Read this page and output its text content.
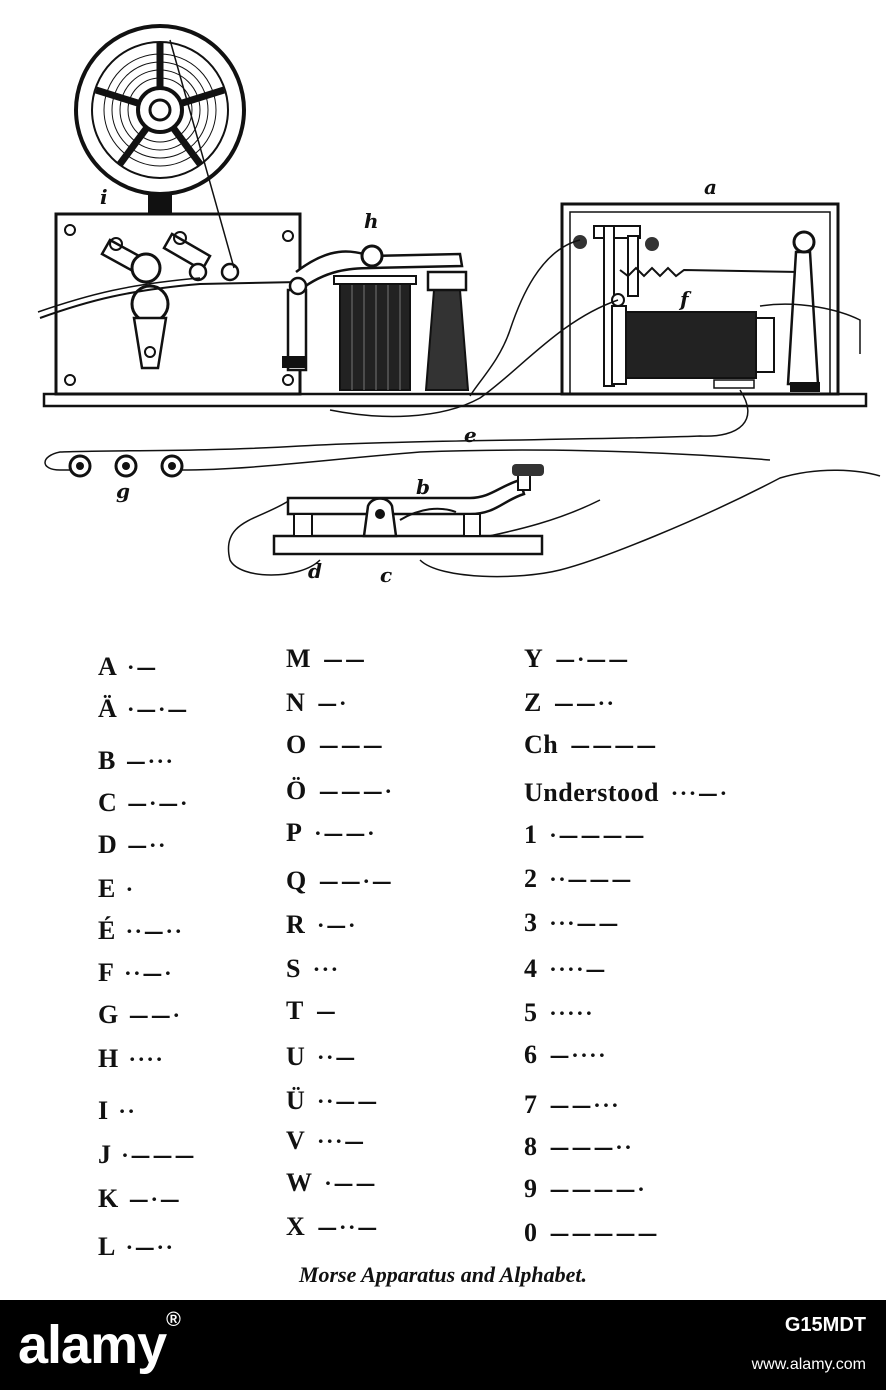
a
b
c
d
e
f
g
h
i
A ·—
Ä ·—·—
B —···
C —·—·
D —··
E ·
É ··—··
F ··—·
G ——·
H ····
I ··
J ·———
K —·—
L ·—··
M ——
N —·
O ———
Ö ———·
P ·——·
Q ——·—
R ·—·
S ···
T —
U ··—
Ü ··——
V ···—
W ·——
X —··—
Y —·——
Z ——··
Ch ————
Understood ···—·
1 ·————
2 ··———
3 ···——
4 ····—
5 ·····
6 —····
7 ——···
8 ———··
9 ————·
0 —————
Morse Apparatus and Alphabet.
alamy®	G15MDT
www.alamy.com
